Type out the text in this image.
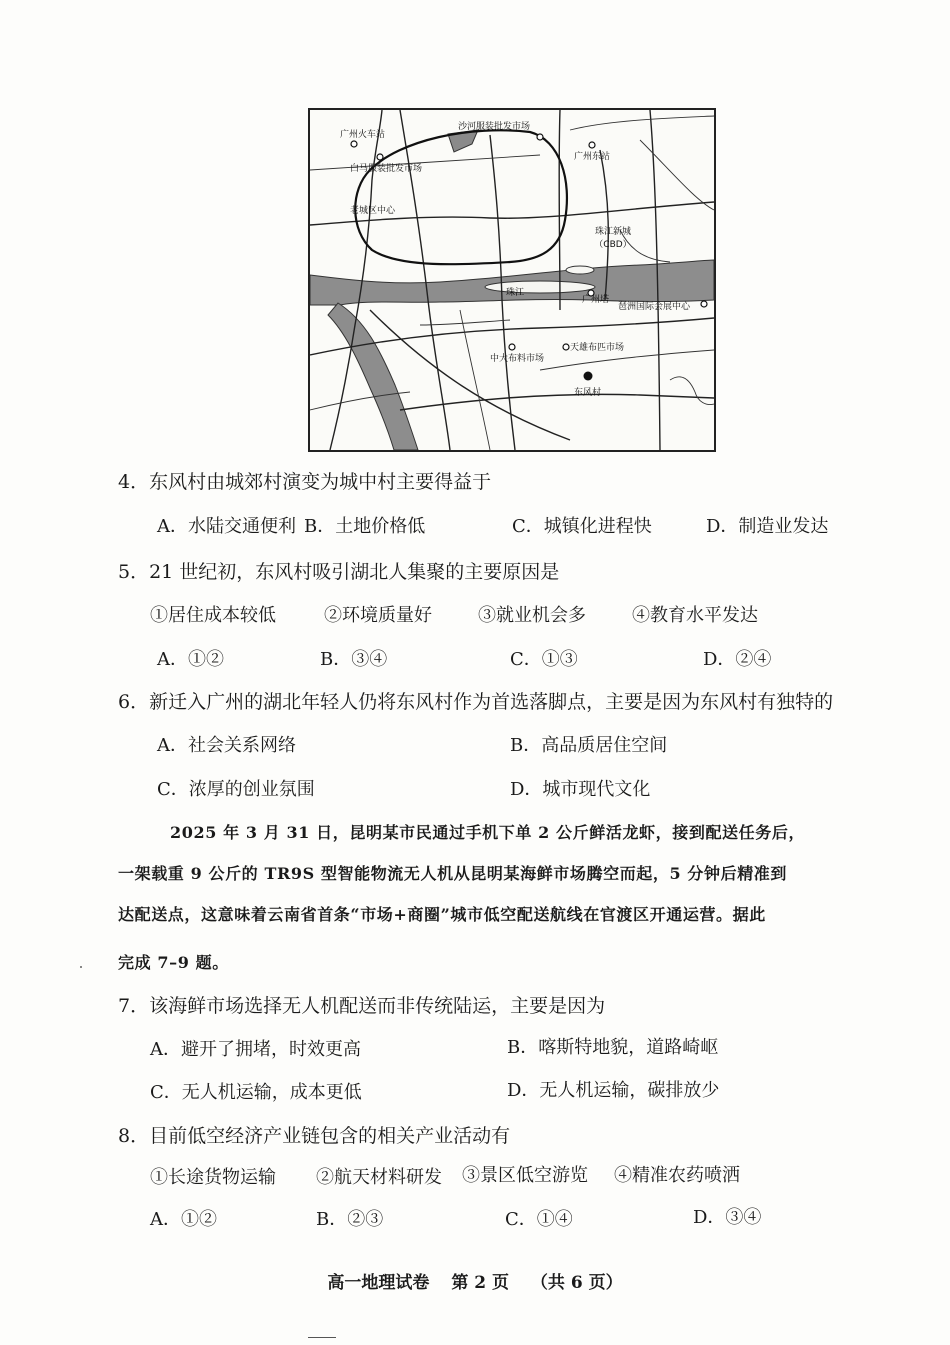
广州火车站
沙河服装批发市场
广州东站
白马服装批发市场
老城区中心
珠江新城
（CBD）
珠江
广州塔
琶洲国际会展中心
中大布料市场
天雄布匹市场
东风村
4．东风村由城郊村演变为城中村主要得益于
A．水陆交通便利 B．土地价格低	C．城镇化进程快	D．制造业发达
5．21 世纪初，东风村吸引湖北人集聚的主要原因是
①居住成本较低	②环境质量好	③就业机会多	④教育水平发达
A．①②	B．③④	C．①③	D．②④
6．新迁入广州的湖北年轻人仍将东风村作为首选落脚点，主要是因为东风村有独特的
A．社会关系网络	B．高品质居住空间
C．浓厚的创业氛围	D．城市现代文化
2025 年 3 月 31 日，昆明某市民通过手机下单 2 公斤鲜活龙虾，接到配送任务后，
一架载重 9 公斤的 TR9S 型智能物流无人机从昆明某海鲜市场腾空而起，5 分钟后精准到
达配送点，这意味着云南省首条“市场+商圈”城市低空配送航线在官渡区开通运营。据此
完成 7–9 题。
7．该海鲜市场选择无人机配送而非传统陆运，主要是因为
A．避开了拥堵，时效更高	B．喀斯特地貌，道路崎岖
C．无人机运输，成本更低	D．无人机运输，碳排放少
8．目前低空经济产业链包含的相关产业活动有
①长途货物运输 ②航天材料研发 ③景区低空游览 ④精准农药喷洒
A．①②	B．②③	C．①④	D．③④
高一地理试卷 第 2 页 （共 6 页）
